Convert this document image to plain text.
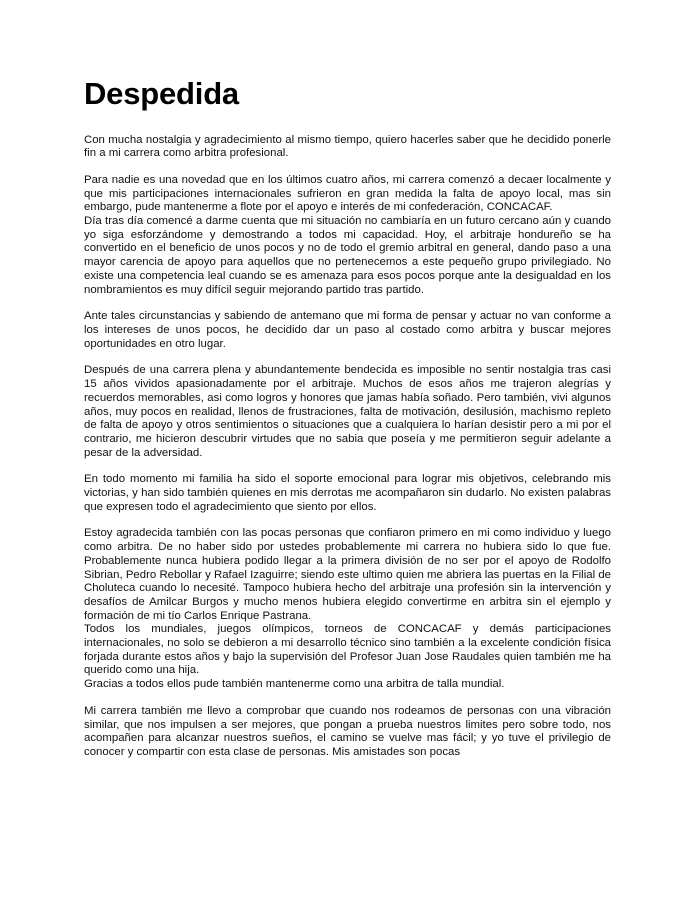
Despedida

Con mucha nostalgia y agradecimiento al mismo tiempo, quiero hacerles saber que he decidido ponerle fin a mi carrera como arbitra profesional.

Para nadie es una novedad que en los últimos cuatro años, mi carrera comenzó a decaer localmente y que mis participaciones internacionales sufrieron en gran medida la falta de apoyo local, mas sin embargo, pude mantenerme a flote por el apoyo e interés de mi confederación, CONCACAF.
Día tras día comencé a darme cuenta que mi situación no cambiaría en un futuro cercano aún y cuando yo siga esforzándome y demostrando a todos mi capacidad. Hoy, el arbitraje hondureño se ha convertido en el beneficio de unos pocos y no de todo el gremio arbitral en general, dando paso a una mayor carencia de apoyo para aquellos que no pertenecemos a este pequeño grupo privilegiado. No existe una competencia leal cuando se es amenaza para esos pocos porque ante la desigualdad en los nombramientos es muy difícil seguir mejorando partido tras partido.

Ante tales circunstancias y sabiendo de antemano que mi forma de pensar y actuar no van conforme a los intereses de unos pocos, he decidido dar un paso al costado como arbitra y buscar mejores oportunidades en otro lugar.

Después de una carrera plena y abundantemente bendecida es imposible no sentir nostalgia tras casi 15 años vividos apasionadamente por el arbitraje. Muchos de esos años me trajeron alegrías y recuerdos memorables, asi como logros y honores que jamas había soñado. Pero también, vivi algunos años, muy pocos en realidad, llenos de frustraciones, falta de motivación, desilusión, machismo repleto de falta de apoyo y otros sentimientos o situaciones que a cualquiera lo harían desistir pero a mi por el contrario, me hicieron descubrir virtudes que no sabia que poseía y me permitieron seguir adelante a pesar de la adversidad.

En todo momento mi familia ha sido el soporte emocional para lograr mis objetivos, celebrando mis victorias, y han sido también quienes en mis derrotas me acompañaron sin dudarlo. No existen palabras que expresen todo el agradecimiento que siento por ellos.

Estoy agradecida también con las pocas personas que confiaron primero en mi como individuo y luego como arbitra. De no haber sido por ustedes probablemente mi carrera no hubiera sido lo que fue. Probablemente nunca hubiera podido llegar a la primera división de no ser por el apoyo de Rodolfo Sibrian, Pedro Rebollar y Rafael Izaguirre; siendo este ultimo quien me abriera las puertas en la Filial de Choluteca cuando lo necesité. Tampoco hubiera hecho del arbitraje una profesión sin la intervención y desafíos de Amilcar Burgos y mucho menos hubiera elegido convertirme en arbitra sin el ejemplo y formación de mi tío Carlos Enrique Pastrana.
Todos los mundiales, juegos olímpicos, torneos de CONCACAF y demás participaciones internacionales, no solo se debieron a mi desarrollo técnico sino también a la excelente condición física forjada durante estos años y bajo la supervisión del Profesor Juan Jose Raudales quien también me ha querido como una hija.
Gracias a todos ellos pude también mantenerme como una arbitra de talla mundial.

Mi carrera también me llevo a comprobar que cuando nos rodeamos de personas con una vibración similar, que nos impulsen a ser mejores, que pongan a prueba nuestros limites pero sobre todo, nos acompañen para alcanzar nuestros sueños, el camino se vuelve mas fácil; y yo tuve el privilegio de conocer y compartir con esta clase de personas. Mis amistades son pocas
